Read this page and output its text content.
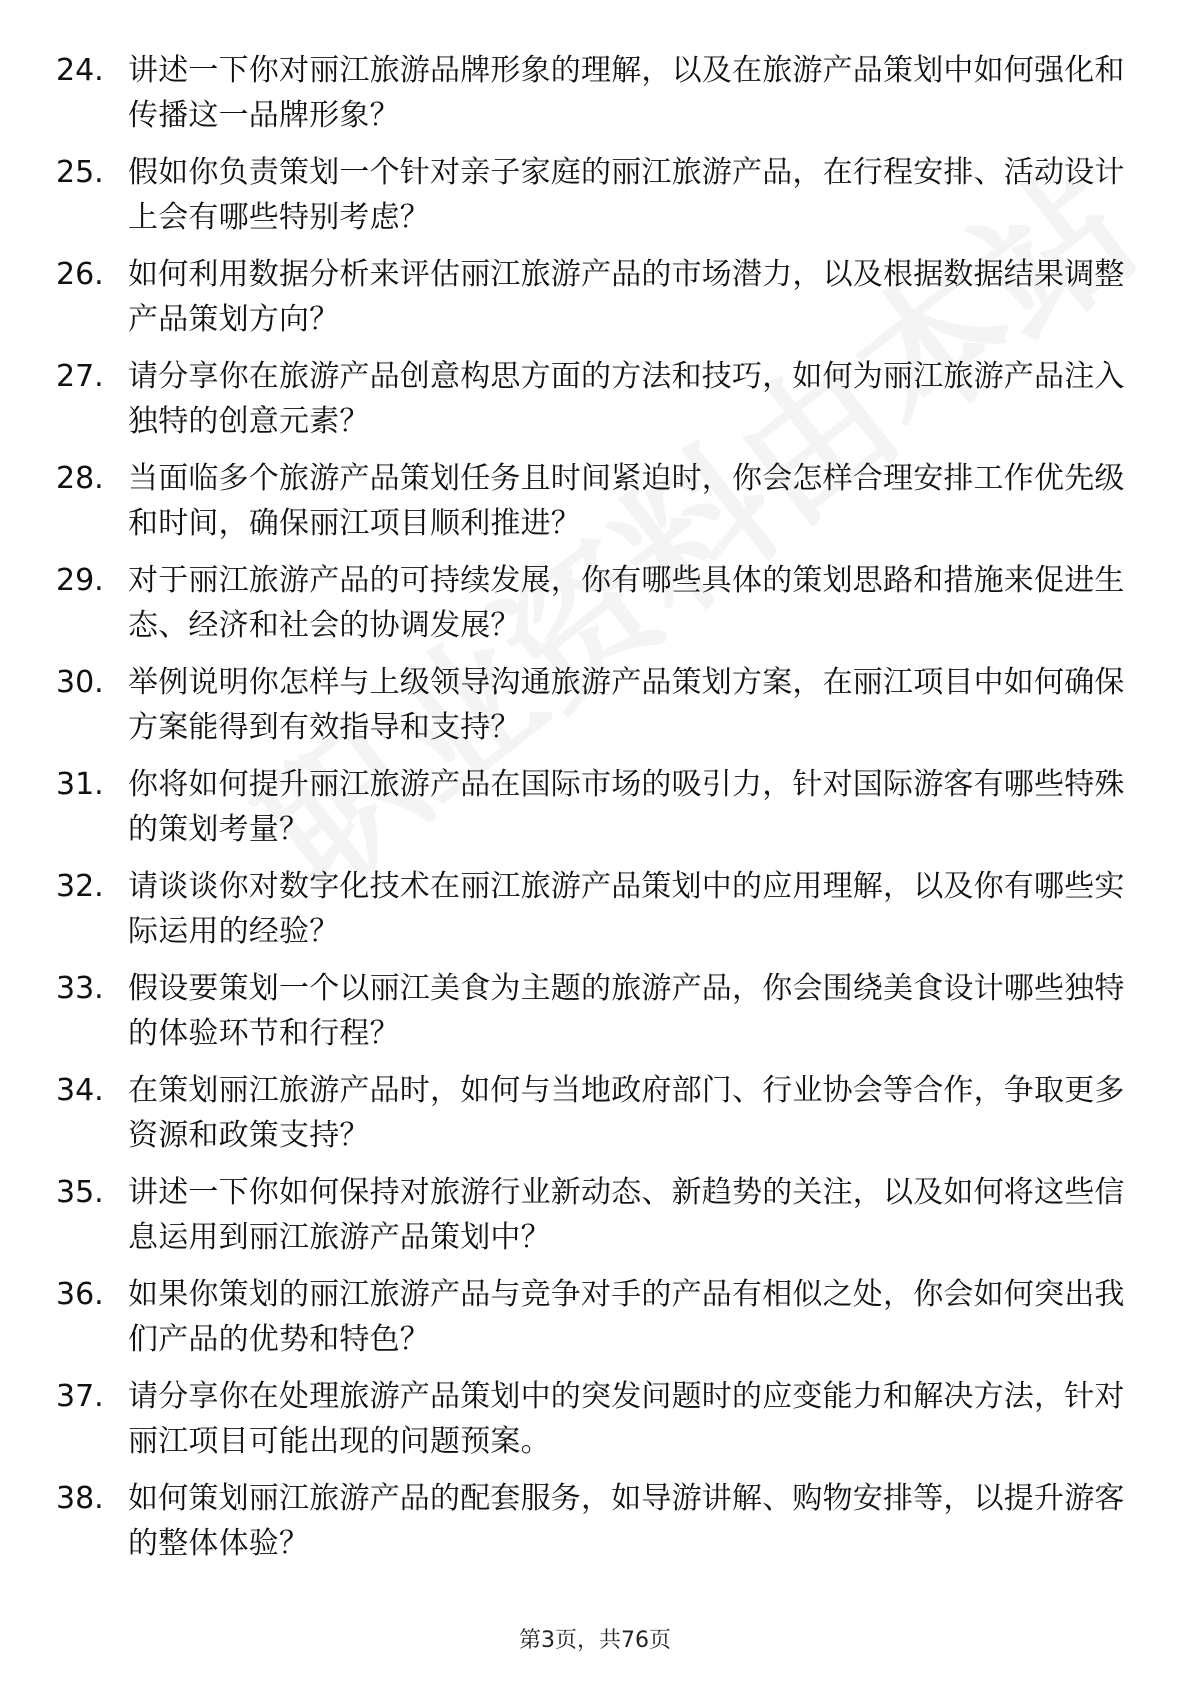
24. 讲述一下你对丽江旅游品牌形象的理解，以及在旅游产品策划中如何强化和传播这一品牌形象？
25. 假如你负责策划一个针对亲子家庭的丽江旅游产品，在行程安排、活动设计上会有哪些特别考虑？
26. 如何利用数据分析来评估丽江旅游产品的市场潜力，以及根据数据结果调整产品策划方向？
27. 请分享你在旅游产品创意构思方面的方法和技巧，如何为丽江旅游产品注入独特的创意元素？
28. 当面临多个旅游产品策划任务且时间紧迫时，你会怎样合理安排工作优先级和时间，确保丽江项目顺利推进？
29. 对于丽江旅游产品的可持续发展，你有哪些具体的策划思路和措施来促进生态、经济和社会的协调发展？
30. 举例说明你怎样与上级领导沟通旅游产品策划方案，在丽江项目中如何确保方案能得到有效指导和支持？
31. 你将如何提升丽江旅游产品在国际市场的吸引力，针对国际游客有哪些特殊的策划考量？
32. 请谈谈你对数字化技术在丽江旅游产品策划中的应用理解，以及你有哪些实际运用的经验？
33. 假设要策划一个以丽江美食为主题的旅游产品，你会围绕美食设计哪些独特的体验环节和行程？
34. 在策划丽江旅游产品时，如何与当地政府部门、行业协会等合作，争取更多资源和政策支持？
35. 讲述一下你如何保持对旅游行业新动态、新趋势的关注，以及如何将这些信息运用到丽江旅游产品策划中？
36. 如果你策划的丽江旅游产品与竞争对手的产品有相似之处，你会如何突出我们产品的优势和特色？
37. 请分享你在处理旅游产品策划中的突发问题时的应变能力和解决方法，针对丽江项目可能出现的问题预案。
38. 如何策划丽江旅游产品的配套服务，如导游讲解、购物安排等，以提升游客的整体体验？
第3页，共76页
